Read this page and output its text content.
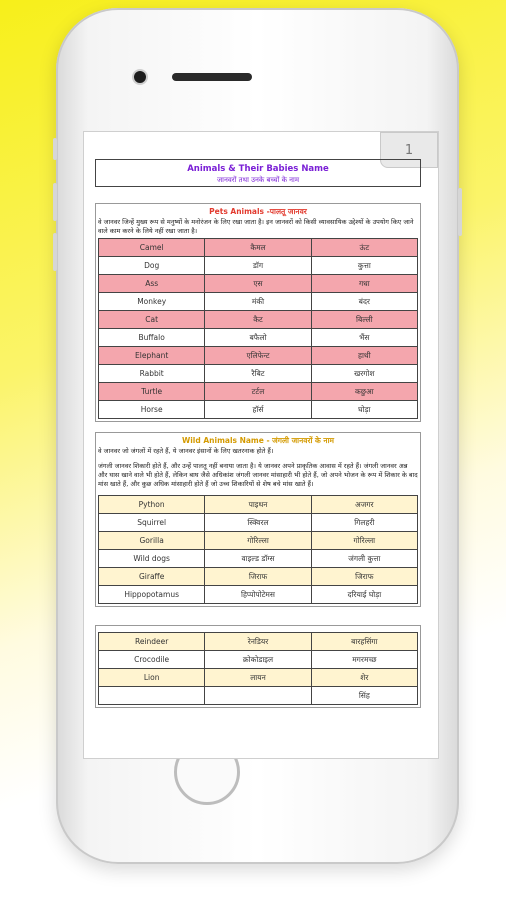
1
Animals & Their Babies Name
जानवरों तथा उनके बच्चों के नाम
Pets Animals -पालतू जानवर
वे जानवर जिन्हें मुख्य रूप से मनुष्यों के मनोरंजन के लिए रखा जाता है। इन जानवरों को किसी व्यावसायिक उद्देश्यों के उपयोग किए जाने वाले काम करने के लिये नहीं रखा जाता है।
Camel	कैमल	ऊंट
Dog	डॉग	कुत्ता
Ass	एस	गधा
Monkey	मंकी	बंदर
Cat	कैट	बिल्ली
Buffalo	बफैलो	भैंस
Elephant	एलिफेन्ट	हाथी
Rabbit	रैबिट	खरगोश
Turtle	टर्टल	कछुआ
Horse	हॉर्स	घोड़ा
Wild Animals Name - जंगली जानवरों के नाम
वे जानवर जो जंगलों में रहते हैं, ये जानवर इंसानों के लिए खतरनाक होते हैं।
जंगली जानवर शिकारी होते हैं, और उन्हें पालतू नहीं बनाया जाता है। ये जानवर अपने प्राकृतिक आवास में रहते हैं। जंगली जानवर अन्न और घास खाने वाले भी होते हैं, लेकिन बाघ जैसे अधिकांश जंगली जानवर मांसाहारी भी होते हैं, जो अपने भोजन के रूप में शिकार के बाद मांस खाते हैं, और कुछ अधिक मांसाहारी होते हैं जो उच्च शिकारियों से शेष बचे मांस खाते हैं।
Python	पाइथन	अजगर
Squirrel	स्क्विरल	गिलहरी
Gorilla	गोरिल्ला	गोरिल्ला
Wild dogs	वाइल्ड डॉग्स	जंगली कुत्ता
Giraffe	जिराफ	जिराफ
Hippopotamus	हिप्पोपोटेमस	दरियाई घोड़ा
Reindeer	रेनडियर	बारहसिंगा
Crocodile	क्रोकोडाइल	मगरमच्छ
Lion	लायन	शेर
		सिंह
